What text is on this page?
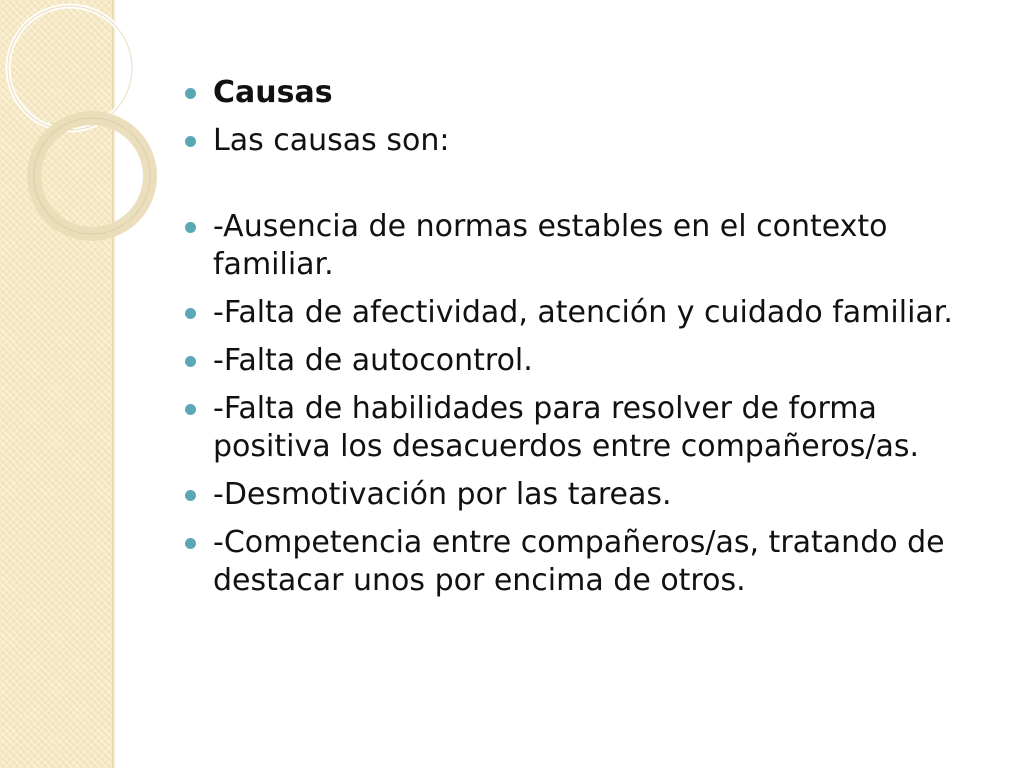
Causas
Las causas son:
-Ausencia de normas estables en el contexto familiar.
-Falta de afectividad, atención y cuidado familiar.
-Falta de autocontrol.
-Falta de habilidades para resolver de forma positiva los desacuerdos entre compañeros/as.
-Desmotivación por las tareas.
-Competencia entre compañeros/as, tratando de destacar unos por encima de otros.
